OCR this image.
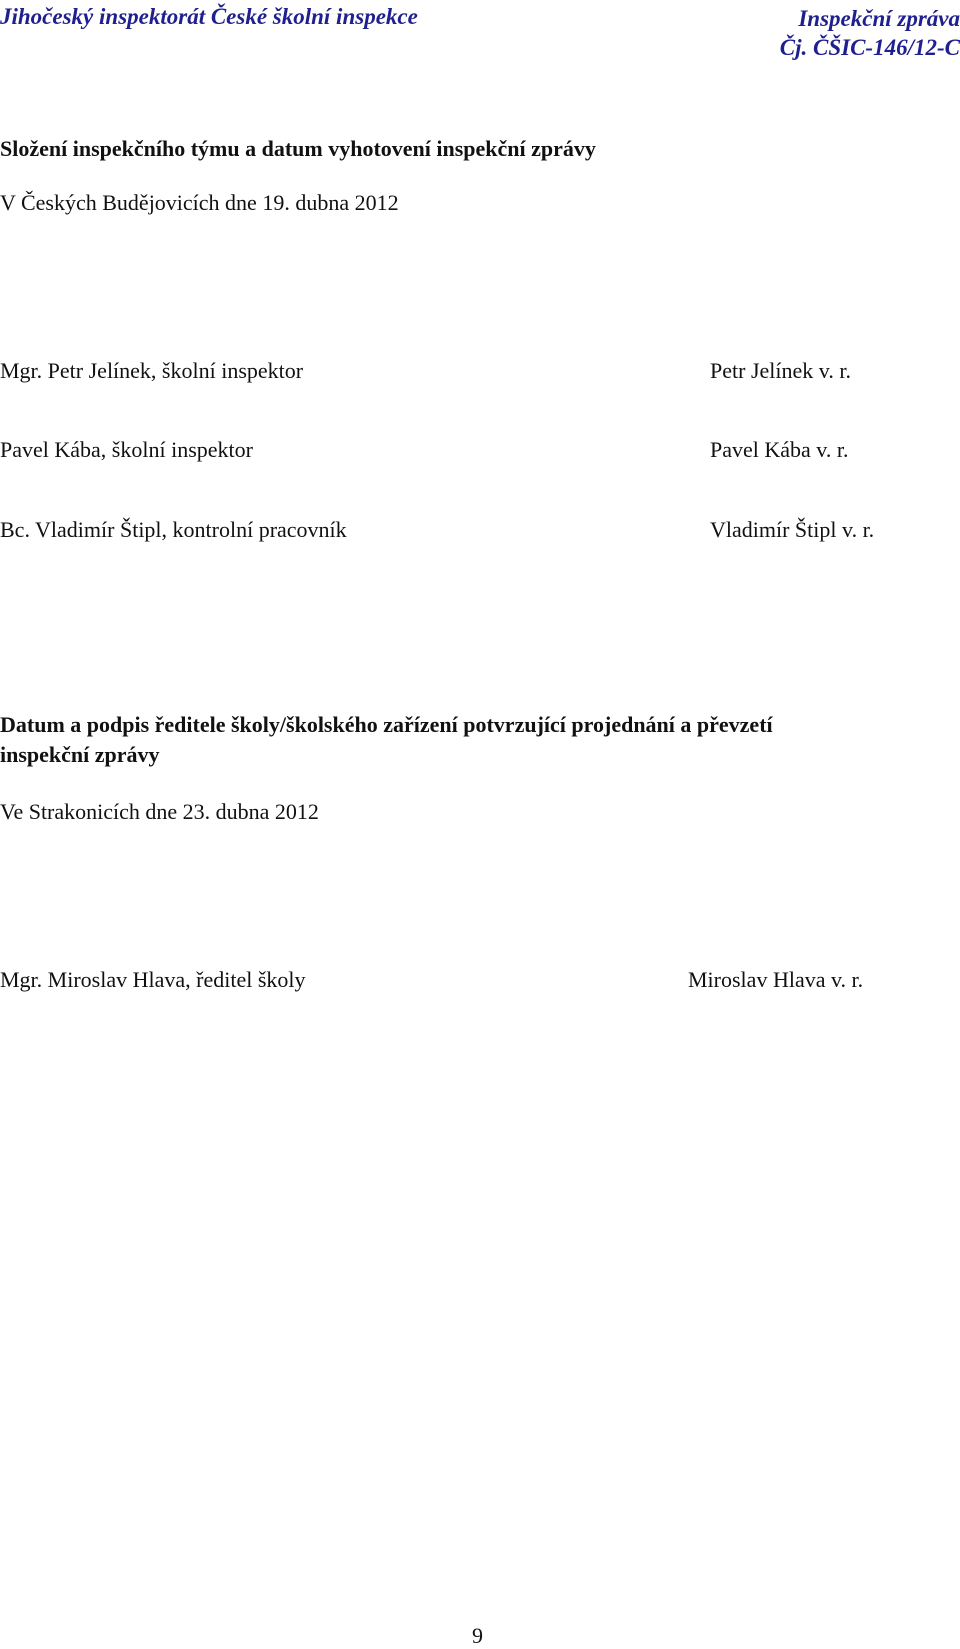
Jihočeský inspektorát České školní inspekce	Inspekční zpráva
Čj. ČŠIC-146/12-C
Složení inspekčního týmu a datum vyhotovení inspekční zprávy
V Českých Budějovicích dne 19. dubna 2012
Mgr. Petr Jelínek, školní inspektor	Petr Jelínek v. r.
Pavel Kába, školní inspektor	Pavel Kába v. r.
Bc. Vladimír Štipl, kontrolní pracovník	Vladimír Štipl v. r.
Datum a podpis ředitele školy/školského zařízení potvrzující projednání a převzetí
inspekční zprávy
Ve Strakonicích dne 23. dubna 2012
Mgr. Miroslav Hlava, ředitel školy	Miroslav Hlava v. r.
9
